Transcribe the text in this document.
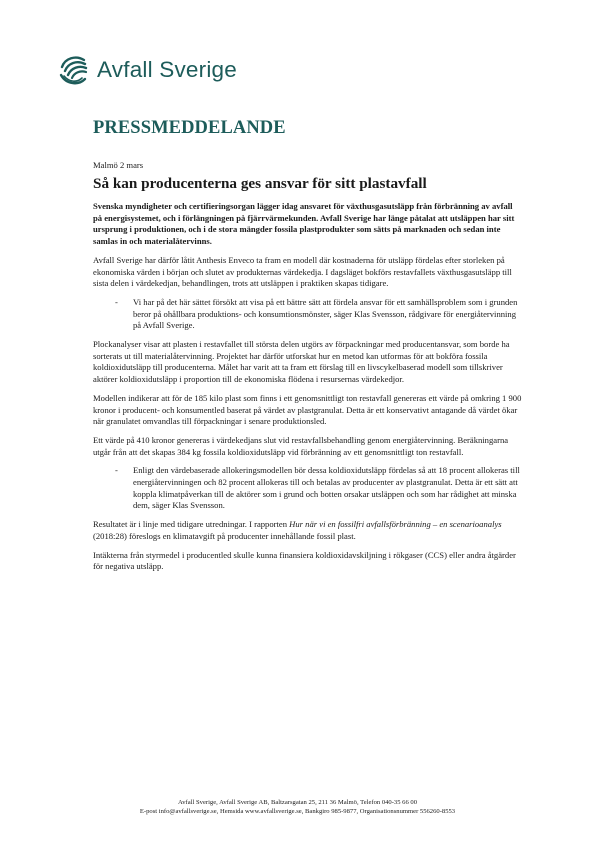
Avfall Sverige
PRESSMEDDELANDE
Malmö 2 mars
Så kan producenterna ges ansvar för sitt plastavfall

Svenska myndigheter och certifieringsorgan lägger idag ansvaret för växthusgasutsläpp från förbränning av avfall på energisystemet, och i förlängningen på fjärrvärmekunden. Avfall Sverige har länge påtalat att utsläppen har sitt ursprung i produktionen, och i de stora mängder fossila plastprodukter som sätts på marknaden och sedan inte samlas in och materialåtervinns.

Avfall Sverige har därför låtit Anthesis Enveco ta fram en modell där kostnaderna för utsläpp fördelas efter storleken på ekonomiska värden i början och slutet av produkternas värdekedja. I dagsläget bokförs restavfallets växthusgasutsläpp till sista delen i värdekedjan, behandlingen, trots att utsläppen i praktiken skapas tidigare.

-	Vi har på det här sättet försökt att visa på ett bättre sätt att fördela ansvar för ett samhällsproblem som i grunden beror på ohållbara produktions- och konsumtionsmönster, säger Klas Svensson, rådgivare för energiåtervinning på Avfall Sverige.

Plockanalyser visar att plasten i restavfallet till största delen utgörs av förpackningar med producentansvar, som borde ha sorterats ut till materialåtervinning. Projektet har därför utforskat hur en metod kan utformas för att bokföra fossila koldioxidutsläpp till producenterna. Målet har varit att ta fram ett förslag till en livscykelbaserad modell som tillskriver aktörer koldioxidutsläpp i proportion till de ekonomiska flödena i resursernas värdekedjor.

Modellen indikerar att för de 185 kilo plast som finns i ett genomsnittligt ton restavfall genereras ett värde på omkring 1 900 kronor i producent- och konsumentled baserat på värdet av plastgranulat. Detta är ett konservativt antagande då värdet ökar när granulatet omvandlas till förpackningar i senare produktionsled.

Ett värde på 410 kronor genereras i värdekedjans slut vid restavfallsbehandling genom energiåtervinning. Beräkningarna utgår från att det skapas 384 kg fossila koldioxidutsläpp vid förbränning av ett genomsnittligt ton restavfall.

-	Enligt den värdebaserade allokeringsmodellen bör dessa koldioxidutsläpp fördelas så att 18 procent allokeras till energiåtervinningen och 82 procent allokeras till och betalas av producenter av plastgranulat. Detta är ett sätt att koppla klimatpåverkan till de aktörer som i grund och botten orsakar utsläppen och som har rådighet att minska dem, säger Klas Svensson.

Resultatet är i linje med tidigare utredningar. I rapporten Hur när vi en fossilfri avfallsförbränning – en scenarioanalys (2018:28) föreslogs en klimatavgift på producenter innehållande fossil plast.

Intäkterna från styrmedel i producentled skulle kunna finansiera koldioxidavskiljning i rökgaser (CCS) eller andra åtgärder för negativa utsläpp.

Avfall Sverige, Avfall Sverige AB, Baltzarsgatan 25, 211 36 Malmö, Telefon 040-35 66 00
E-post info@avfallsverige.se, Hemsida www.avfallsverige.se, Bankgiro 985-9877, Organisationsnummer 556260-8553
